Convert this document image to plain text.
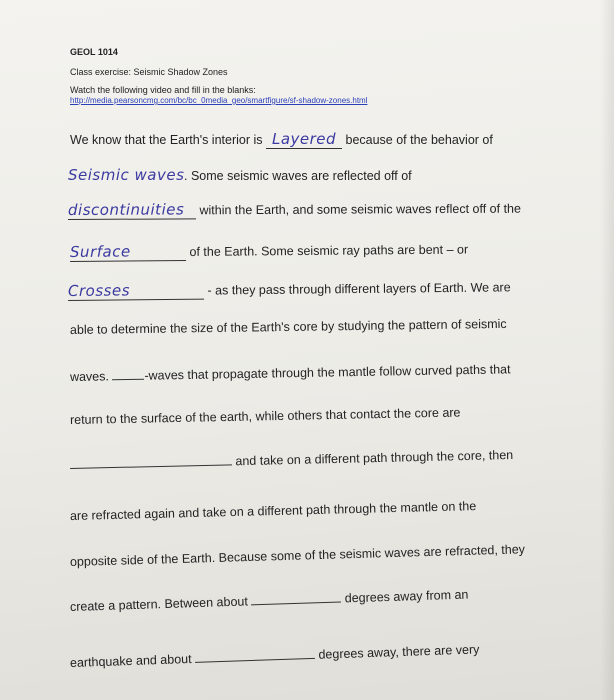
GEOL 1014
Class exercise: Seismic Shadow Zones
Watch the following video and fill in the blanks:
http://media.pearsoncmg.com/bc/bc_0media_geo/smartfigure/sf-shadow-zones.html
We know that the Earth's interior is Layered because of the behavior of
Seismic waves. Some seismic waves are reflected off of
discontinuities within the Earth, and some seismic waves reflect off of the
Surface	of the Earth. Some seismic ray paths are bent – or
Crosses	- as they pass through different layers of Earth. We are
able to determine the size of the Earth's core by studying the pattern of seismic
waves.	-waves that propagate through the mantle follow curved paths that
return to the surface of the earth, while others that contact the core are
and take on a different path through the core, then
are refracted again and take on a different path through the mantle on the
opposite side of the Earth. Because some of the seismic waves are refracted, they
create a pattern. Between about	degrees away from an
earthquake and about	degrees away, there are very
